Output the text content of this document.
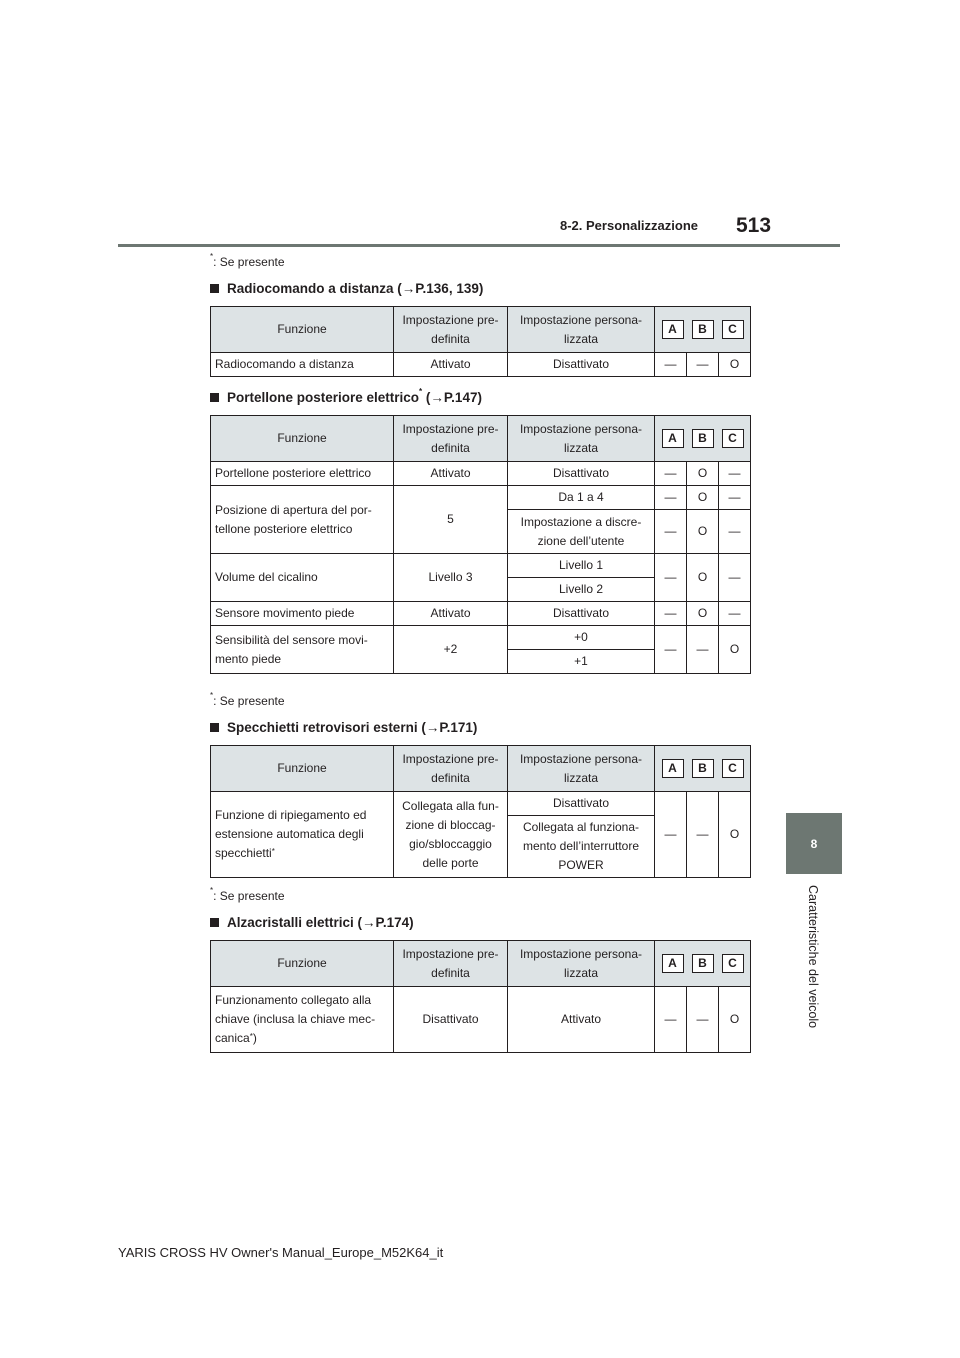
8-2. Personalizzazione 513
8
Caratteristiche del veicolo
*: Se presente
Radiocomando a distanza (→P.136, 139)
Funzione	Impostazione pre-definita	Impostazione persona-lizzata	A B C		

Radiocomando a distanza	Attivato	Disattivato	—	—	O
Portellone posteriore elettrico* (→P.147)
Funzione	Impostazione pre-definita	Impostazione persona-lizzata	A B C		

Portellone posteriore elettrico	Attivato	Disattivato	—	O	—
Posizione di apertura del por-tellone posteriore elettrico	5	Da 1 a 4	—	O	—
		Impostazione a discre-zione dell’utente	—	O	—
Volume del cicalino	Livello 3	Livello 1	—	O	—
		Livello 2			
Sensore movimento piede	Attivato	Disattivato	—	O	—
Sensibilità del sensore movi-mento piede	+2	+0	—	—	O
		+1			
*: Se presente
Specchietti retrovisori esterni (→P.171)
Funzione	Impostazione pre-definita	Impostazione persona-lizzata	A B C		

Funzione di ripiegamento ed estensione automatica degli specchietti*	Collegata alla fun-zione di bloccag-gio/sbloccaggio delle porte	Disattivato	—	—	O
		Collegata al funziona-mento dell’interruttore POWER			
*: Se presente
Alzacristalli elettrici (→P.174)
Funzione	Impostazione pre-definita	Impostazione persona-lizzata	A B C		

Funzionamento collegato alla chiave (inclusa la chiave mec-canica*)	Disattivato	Attivato	—	—	O
YARIS CROSS HV Owner's Manual_Europe_M52K64_it
